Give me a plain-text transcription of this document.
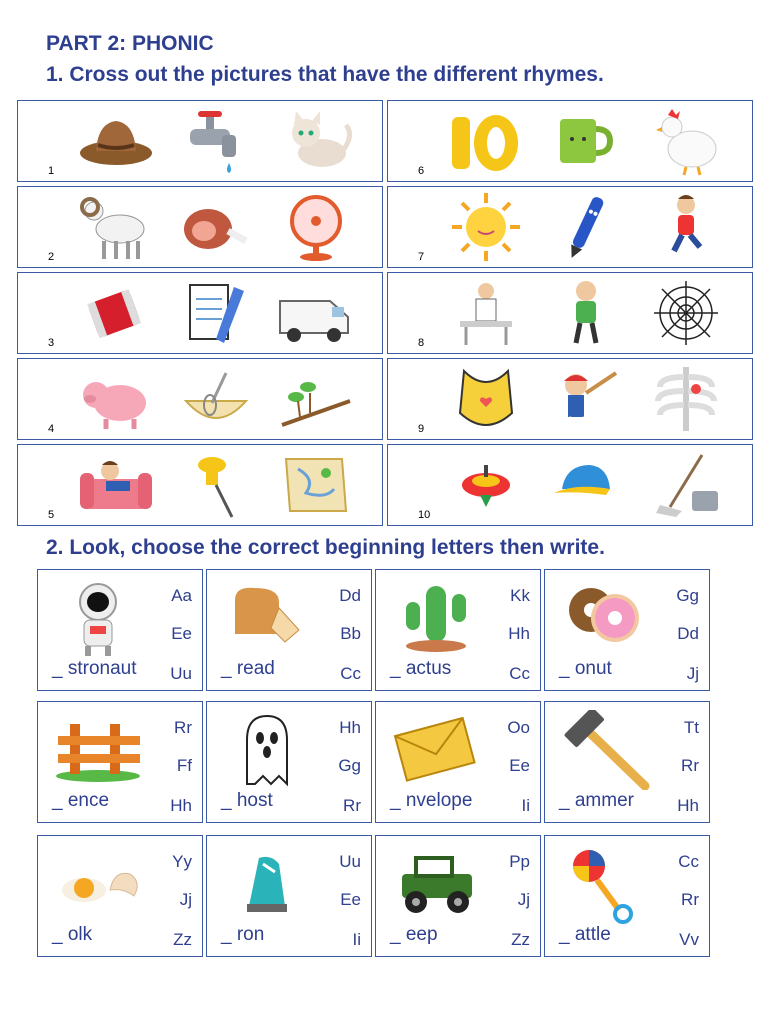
PART 2: PHONIC
1. Cross out the pictures that have the different rhymes.
1	6
2	7
3	8
4	9
5	10
2. Look, choose the correct beginning letters then write.
_ stronaut
Aa
Ee
Uu _ read
Dd
Bb
Cc _ actus
Kk
Hh
Cc _ onut
Gg
Dd
Jj
_ ence
Rr
Ff
Hh _ host
Hh
Gg
Rr _ nvelope
Oo
Ee
Ii _ ammer
Tt
Rr
Hh
_ olk
Yy
Jj
Zz _ ron
Uu
Ee
Ii _ eep
Pp
Jj
Zz _ attle
Cc
Rr
Vv
